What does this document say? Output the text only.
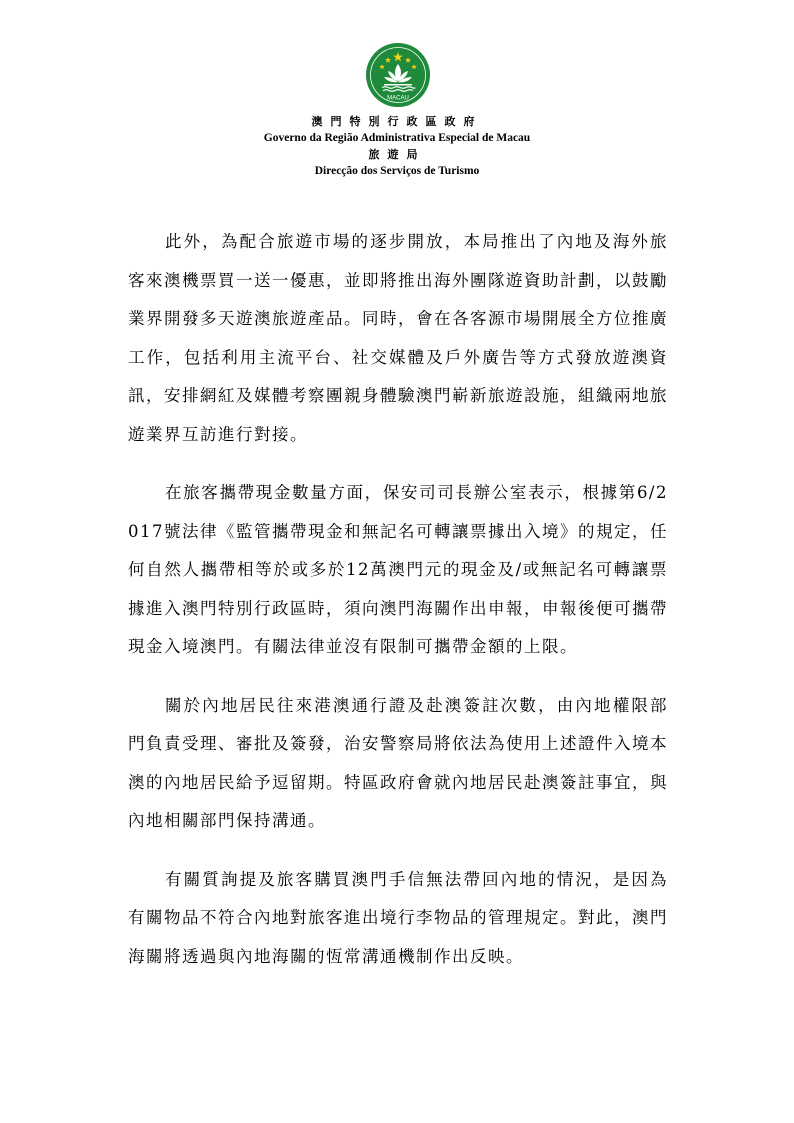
MACAU
澳門特別行政區政府
Governo da Região Administrativa Especial de Macau
旅遊局
Direcção dos Serviços de Turismo

此外，為配合旅遊市場的逐步開放，本局推出了內地及海外旅客來澳機票買一送一優惠，並即將推出海外團隊遊資助計劃，以鼓勵業界開發多天遊澳旅遊產品。同時，會在各客源市場開展全方位推廣工作，包括利用主流平台、社交媒體及戶外廣告等方式發放遊澳資訊，安排網紅及媒體考察團親身體驗澳門嶄新旅遊設施，組織兩地旅遊業界互訪進行對接。

在旅客攜帶現金數量方面，保安司司長辦公室表示，根據第6/2017號法律《監管攜帶現金和無記名可轉讓票據出入境》的規定，任何自然人攜帶相等於或多於12萬澳門元的現金及/或無記名可轉讓票據進入澳門特別行政區時，須向澳門海關作出申報，申報後便可攜帶現金入境澳門。有關法律並沒有限制可攜帶金額的上限。

關於內地居民往來港澳通行證及赴澳簽註次數，由內地權限部門負責受理、審批及簽發，治安警察局將依法為使用上述證件入境本澳的內地居民給予逗留期。特區政府會就內地居民赴澳簽註事宜，與內地相關部門保持溝通。

有關質詢提及旅客購買澳門手信無法帶回內地的情況，是因為有關物品不符合內地對旅客進出境行李物品的管理規定。對此，澳門海關將透過與內地海關的恆常溝通機制作出反映。
